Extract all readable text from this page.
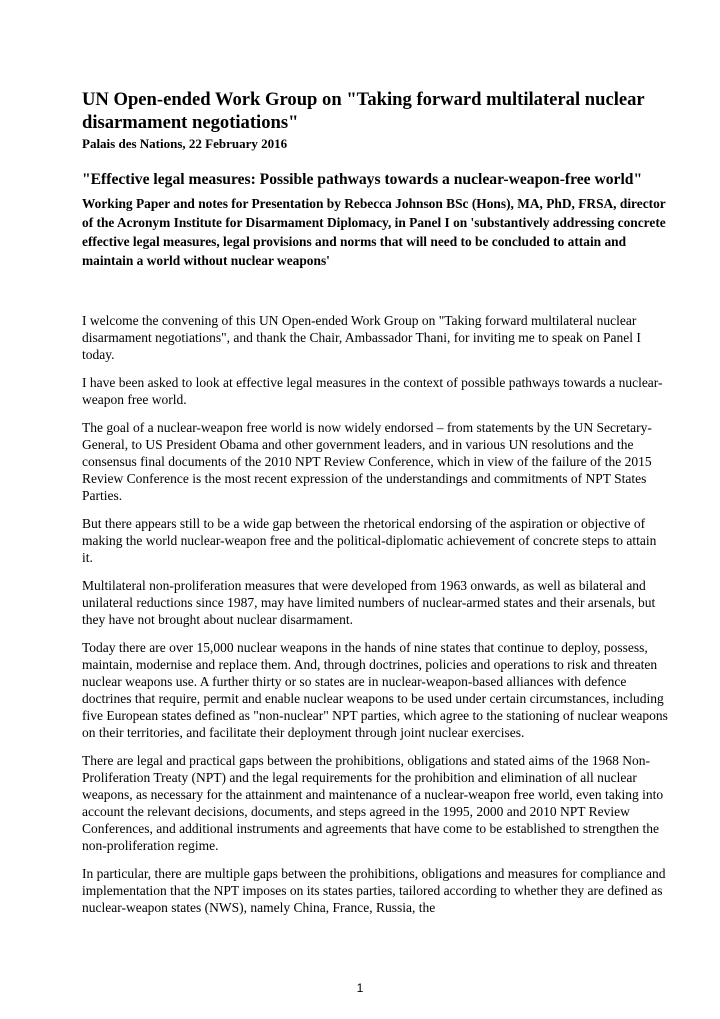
UN Open-ended Work Group on "Taking forward multilateral nuclear disarmament negotiations"
Palais des Nations, 22 February 2016
"Effective legal measures: Possible pathways towards a nuclear-weapon-free world"
Working Paper and notes for Presentation by Rebecca Johnson BSc (Hons), MA, PhD, FRSA, director of the Acronym Institute for Disarmament Diplomacy, in Panel I on 'substantively addressing concrete effective legal measures, legal provisions and norms that will need to be concluded to attain and maintain a world without nuclear weapons'

I welcome the convening of this UN Open-ended Work Group on "Taking forward multilateral nuclear disarmament negotiations", and thank the Chair, Ambassador Thani, for inviting me to speak on Panel I today.

I have been asked to look at effective legal measures in the context of possible pathways towards a nuclear-weapon free world.

The goal of a nuclear-weapon free world is now widely endorsed – from statements by the UN Secretary-General, to US President Obama and other government leaders, and in various UN resolutions and the consensus final documents of the 2010 NPT Review Conference, which in view of the failure of the 2015 Review Conference is the most recent expression of the understandings and commitments of NPT States Parties.

But there appears still to be a wide gap between the rhetorical endorsing of the aspiration or objective of making the world nuclear-weapon free and the political-diplomatic achievement of concrete steps to attain it.

Multilateral non-proliferation measures that were developed from 1963 onwards, as well as bilateral and unilateral reductions since 1987, may have limited numbers of nuclear-armed states and their arsenals, but they have not brought about nuclear disarmament.

Today there are over 15,000 nuclear weapons in the hands of nine states that continue to deploy, possess, maintain, modernise and replace them. And, through doctrines, policies and operations to risk and threaten nuclear weapons use. A further thirty or so states are in nuclear-weapon-based alliances with defence doctrines that require, permit and enable nuclear weapons to be used under certain circumstances, including five European states defined as "non-nuclear" NPT parties, which agree to the stationing of nuclear weapons on their territories, and facilitate their deployment through joint nuclear exercises.

There are legal and practical gaps between the prohibitions, obligations and stated aims of the 1968 Non-Proliferation Treaty (NPT) and the legal requirements for the prohibition and elimination of all nuclear weapons, as necessary for the attainment and maintenance of a nuclear-weapon free world, even taking into account the relevant decisions, documents, and steps agreed in the 1995, 2000 and 2010 NPT Review Conferences, and additional instruments and agreements that have come to be established to strengthen the non-proliferation regime.

In particular, there are multiple gaps between the prohibitions, obligations and measures for compliance and implementation that the NPT imposes on its states parties, tailored according to whether they are defined as nuclear-weapon states (NWS), namely China, France, Russia, the

1
